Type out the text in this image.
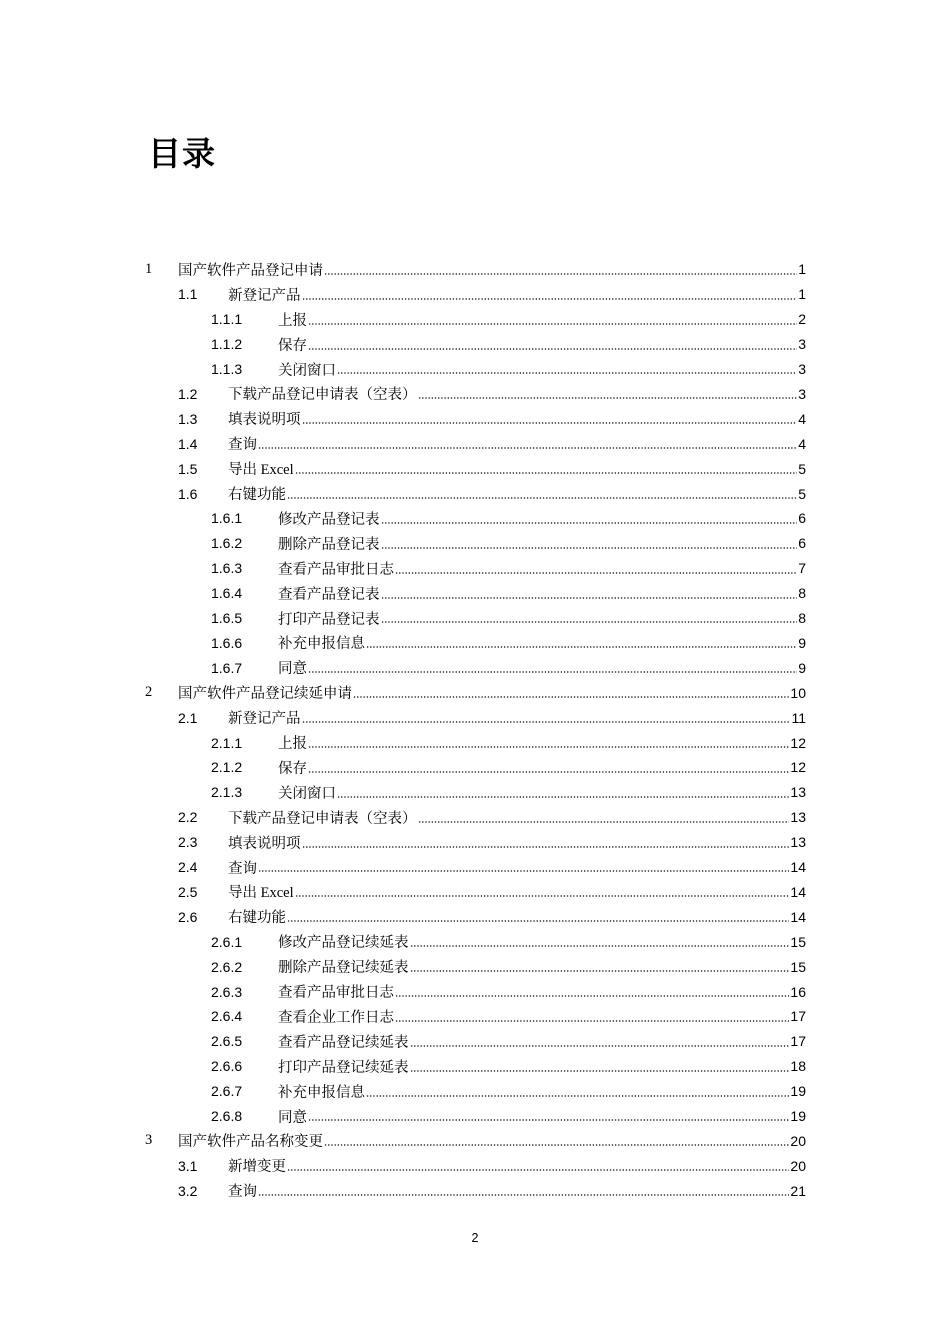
目录
1	国产软件产品登记申请	1
1.1	新登记产品	1
1.1.1	上报	2
1.1.2	保存	3
1.1.3	关闭窗口	3
1.2	下载产品登记申请表（空表）	3
1.3	填表说明项	4
1.4	查询	4
1.5	导出 Excel	5
1.6	右键功能	5
1.6.1	修改产品登记表	6
1.6.2	删除产品登记表	6
1.6.3	查看产品审批日志	7
1.6.4	查看产品登记表	8
1.6.5	打印产品登记表	8
1.6.6	补充申报信息	9
1.6.7	同意	9
2	国产软件产品登记续延申请	10
2.1	新登记产品	11
2.1.1	上报	12
2.1.2	保存	12
2.1.3	关闭窗口	13
2.2	下载产品登记申请表（空表）	13
2.3	填表说明项	13
2.4	查询	14
2.5	导出 Excel	14
2.6	右键功能	14
2.6.1	修改产品登记续延表	15
2.6.2	删除产品登记续延表	15
2.6.3	查看产品审批日志	16
2.6.4	查看企业工作日志	17
2.6.5	查看产品登记续延表	17
2.6.6	打印产品登记续延表	18
2.6.7	补充申报信息	19
2.6.8	同意	19
3	国产软件产品名称变更	20
3.1	新增变更	20
3.2	查询	21
2
